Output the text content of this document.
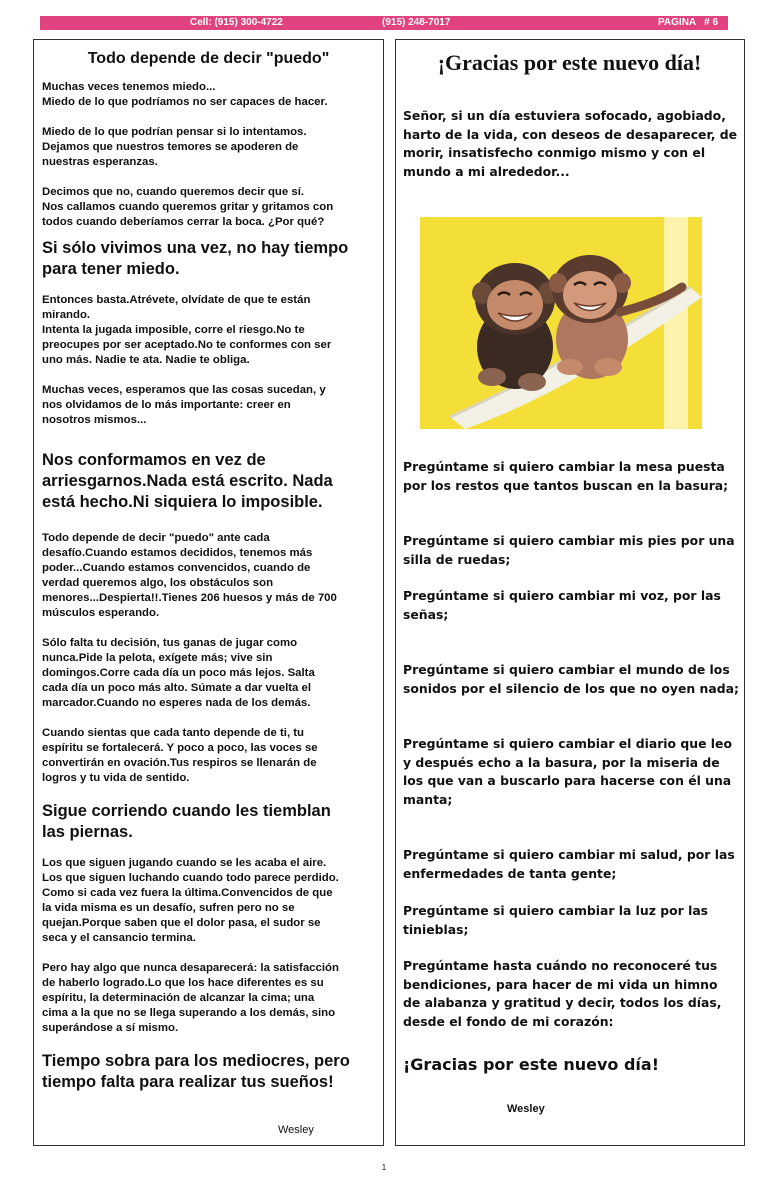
Cell: (915) 300-4722	(915) 248-7017	PAGINA   # 6
Todo depende de decir "puedo"

Muchas veces tenemos miedo...
Miedo de lo que podríamos no ser capaces de hacer.

Miedo de lo que podrían pensar si lo intentamos.
Dejamos que nuestros temores se apoderen de
nuestras esperanzas.

Decimos que no, cuando queremos decir que sí.
Nos callamos cuando queremos gritar y gritamos con
todos cuando deberíamos cerrar la boca. ¿Por qué?

Si sólo vivimos una vez, no hay tiempo
para tener miedo.

Entonces basta.Atrévete, olvídate de que te están
mirando.
Intenta la jugada imposible, corre el riesgo.No te
preocupes por ser aceptado.No te conformes con ser
uno más. Nadie te ata. Nadie te obliga.

Muchas veces, esperamos que las cosas sucedan, y
nos olvidamos de lo más importante: creer en
nosotros mismos...

Nos conformamos en vez de
arriesgarnos.Nada está escrito. Nada
está hecho.Ni siquiera lo imposible.

Todo depende de decir "puedo" ante cada
desafío.Cuando estamos decididos, tenemos más
poder...Cuando estamos convencidos, cuando de
verdad queremos algo, los obstáculos son
menores...Despierta!!.Tienes 206 huesos y más de 700
músculos esperando.

Sólo falta tu decisión, tus ganas de jugar como
nunca.Pide la pelota, exígete más; vive sin
domingos.Corre cada día un poco más lejos. Salta
cada día un poco más alto. Súmate a dar vuelta el
marcador.Cuando no esperes nada de los demás.

Cuando sientas que cada tanto depende de ti, tu
espíritu se fortalecerá. Y poco a poco, las voces se
convertirán en ovación.Tus respiros se llenarán de
logros y tu vida de sentido.

Sigue corriendo cuando les tiemblan
las piernas.

Los que siguen jugando cuando se les acaba el aire.
Los que siguen luchando cuando todo parece perdido.
Como si cada vez fuera la última.Convencidos de que
la vida misma es un desafío, sufren pero no se
quejan.Porque saben que el dolor pasa, el sudor se
seca y el cansancio termina.

Pero hay algo que nunca desaparecerá: la satisfacción
de haberlo logrado.Lo que los hace diferentes es su
espíritu, la determinación de alcanzar la cima; una
cima a la que no se llega superando a los demás, sino
superándose a sí mismo.

Tiempo sobra para los mediocres, pero
tiempo falta para realizar tus sueños!

Wesley
¡Gracias por este nuevo día!

Señor, si un día estuviera sofocado, agobiado, harto de la vida, con deseos de desaparecer, de morir, insatisfecho conmigo mismo y con el mundo a mi alrededor...

Pregúntame si quiero cambiar la mesa puesta por los restos que tantos buscan en la basura;

Pregúntame si quiero cambiar mis pies por una silla de ruedas;

Pregúntame si quiero cambiar mi voz, por las señas;

Pregúntame si quiero cambiar el mundo de los sonidos por el silencio de los que no oyen nada;

Pregúntame si quiero cambiar el diario que leo y después echo a la basura, por la miseria de los que van a buscarlo para hacerse con él una manta;

Pregúntame si quiero cambiar mi salud, por las enfermedades de tanta gente;

Pregúntame si quiero cambiar la luz por las tinieblas;

Pregúntame hasta cuándo no reconoceré tus bendiciones, para hacer de mi vida un himno de alabanza y gratitud y decir, todos los días, desde el fondo de mi corazón:

¡Gracias por este nuevo día!

Wesley
1
